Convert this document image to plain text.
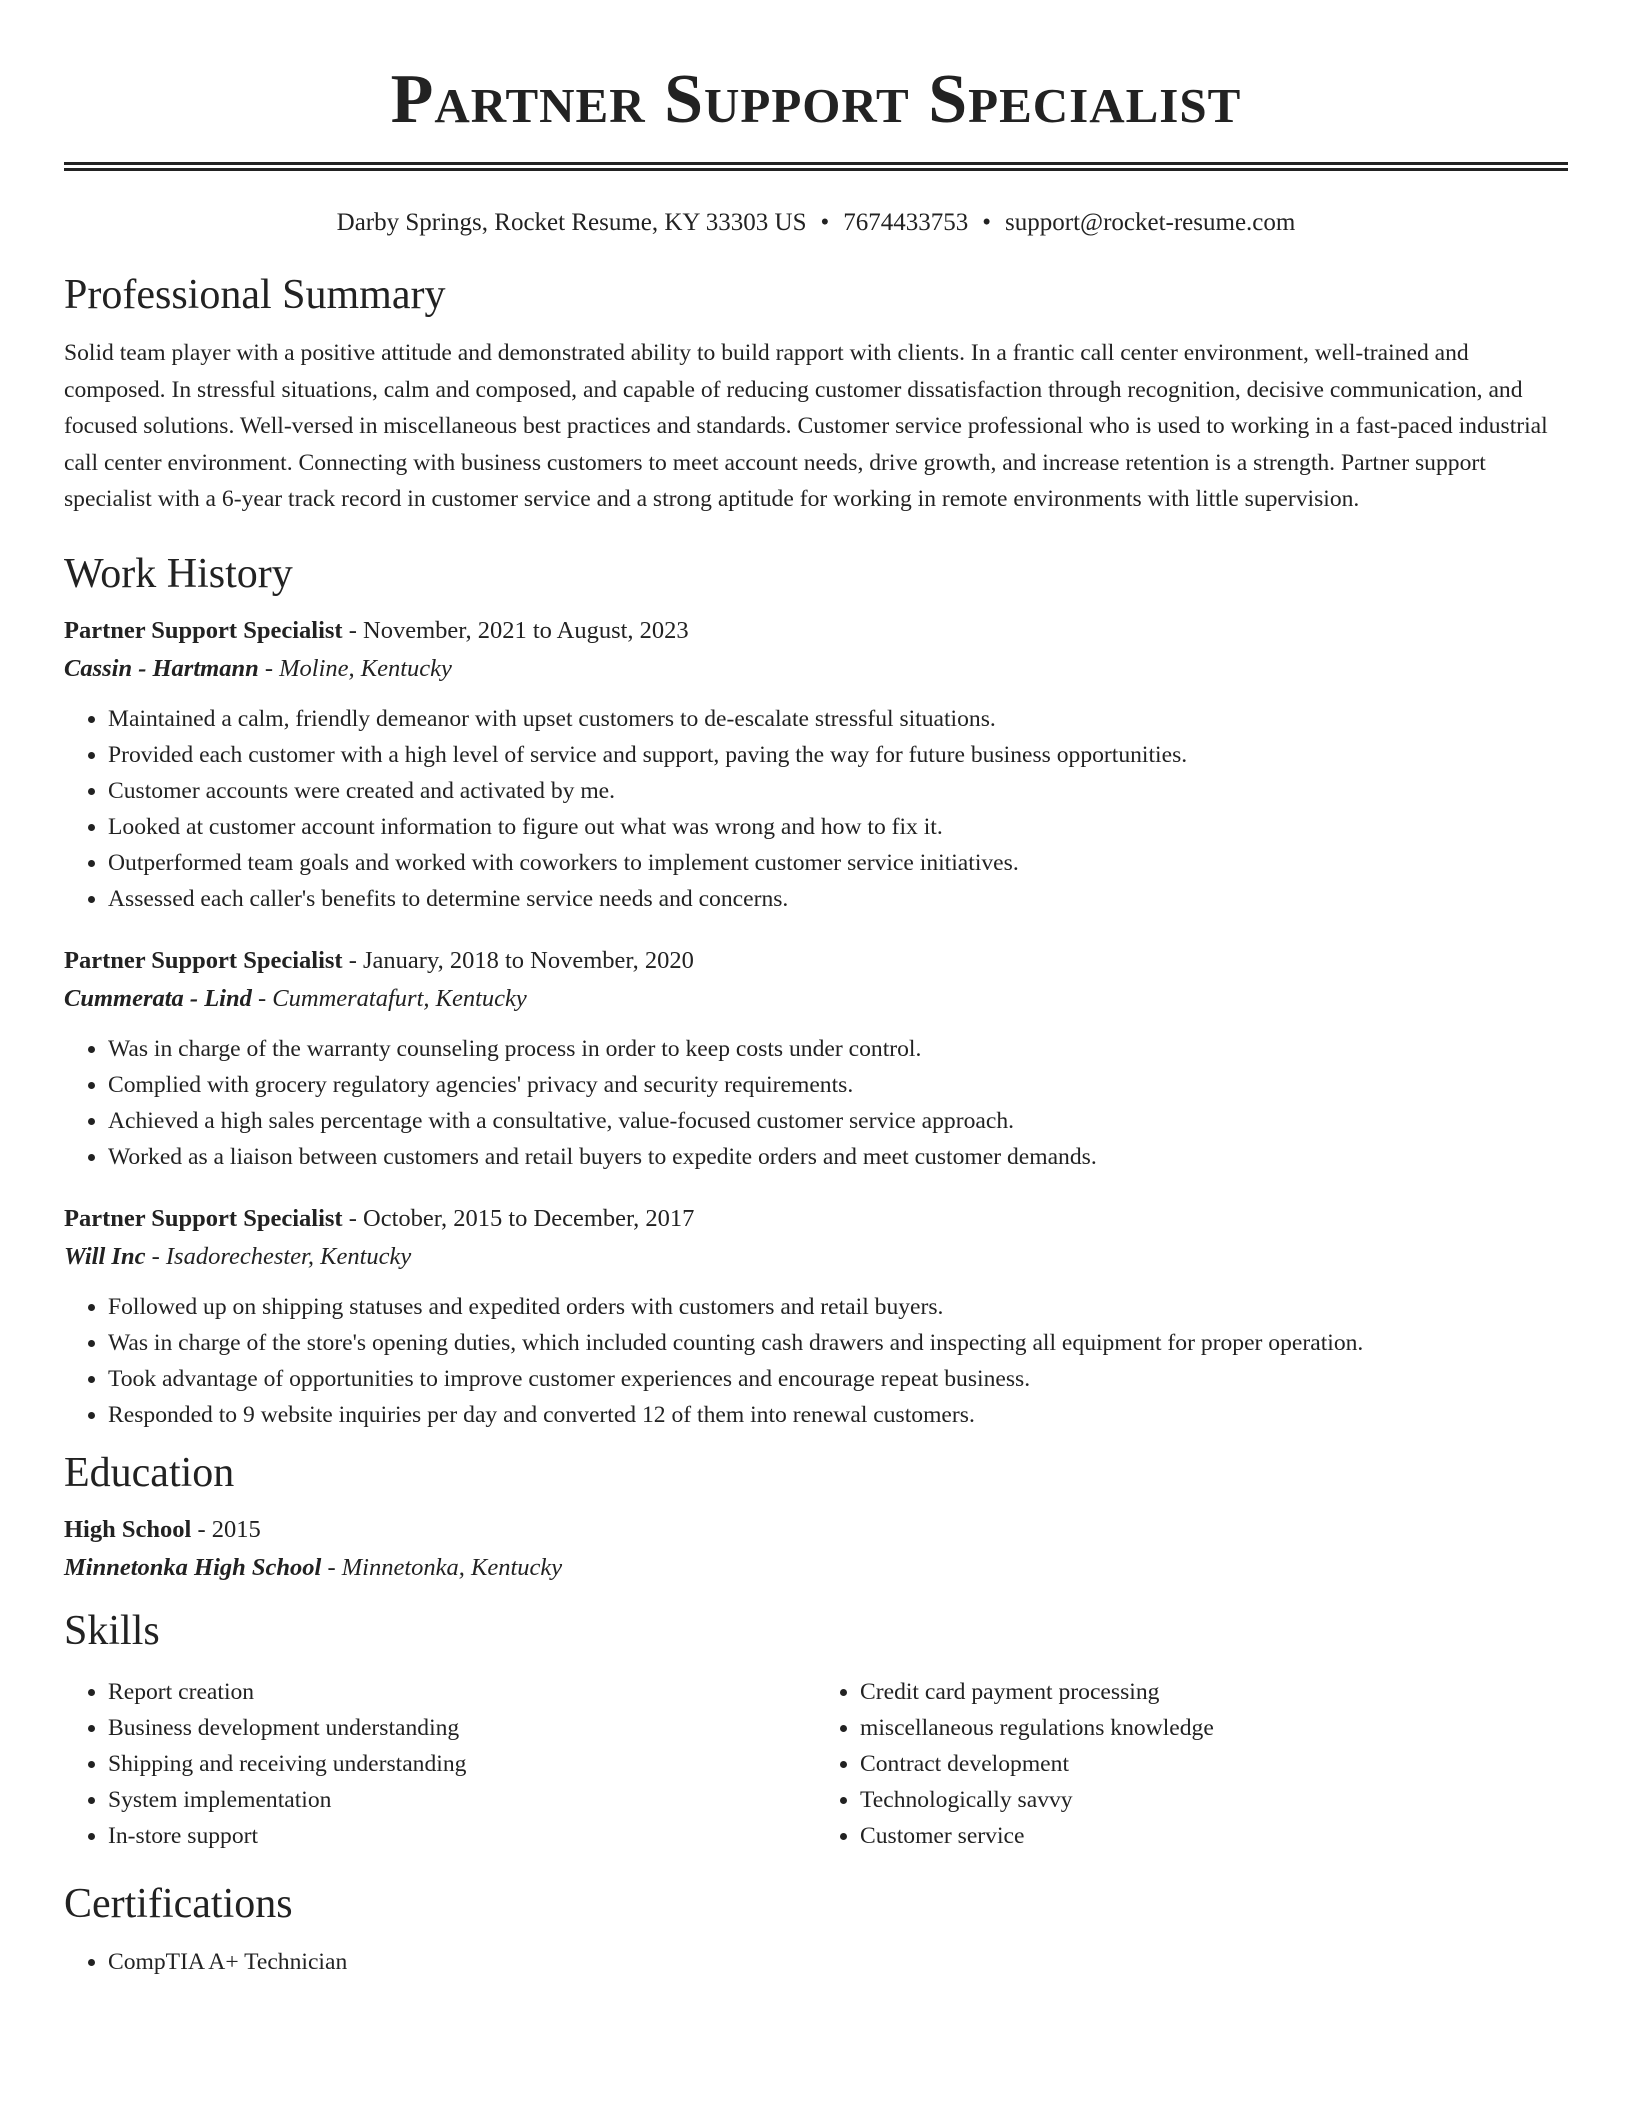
Partner Support Specialist
Darby Springs, Rocket Resume, KY 33303 US • 7674433753 • support@rocket-resume.com
Professional Summary
Solid team player with a positive attitude and demonstrated ability to build rapport with clients. In a frantic call center environment, well-trained and composed. In stressful situations, calm and composed, and capable of reducing customer dissatisfaction through recognition, decisive communication, and focused solutions. Well-versed in miscellaneous best practices and standards. Customer service professional who is used to working in a fast-paced industrial call center environment. Connecting with business customers to meet account needs, drive growth, and increase retention is a strength. Partner support specialist with a 6-year track record in customer service and a strong aptitude for working in remote environments with little supervision.
Work History
Partner Support Specialist - November, 2021 to August, 2023
Cassin - Hartmann - Moline, Kentucky
• Maintained a calm, friendly demeanor with upset customers to de-escalate stressful situations.
• Provided each customer with a high level of service and support, paving the way for future business opportunities.
• Customer accounts were created and activated by me.
• Looked at customer account information to figure out what was wrong and how to fix it.
• Outperformed team goals and worked with coworkers to implement customer service initiatives.
• Assessed each caller's benefits to determine service needs and concerns.
Partner Support Specialist - January, 2018 to November, 2020
Cummerata - Lind - Cummeratafurt, Kentucky
• Was in charge of the warranty counseling process in order to keep costs under control.
• Complied with grocery regulatory agencies' privacy and security requirements.
• Achieved a high sales percentage with a consultative, value-focused customer service approach.
• Worked as a liaison between customers and retail buyers to expedite orders and meet customer demands.
Partner Support Specialist - October, 2015 to December, 2017
Will Inc - Isadorechester, Kentucky
• Followed up on shipping statuses and expedited orders with customers and retail buyers.
• Was in charge of the store's opening duties, which included counting cash drawers and inspecting all equipment for proper operation.
• Took advantage of opportunities to improve customer experiences and encourage repeat business.
• Responded to 9 website inquiries per day and converted 12 of them into renewal customers.
Education
High School - 2015
Minnetonka High School - Minnetonka, Kentucky
Skills
• Report creation
• Business development understanding
• Shipping and receiving understanding
• System implementation
• In-store support
• Credit card payment processing
• miscellaneous regulations knowledge
• Contract development
• Technologically savvy
• Customer service
Certifications
• CompTIA A+ Technician
